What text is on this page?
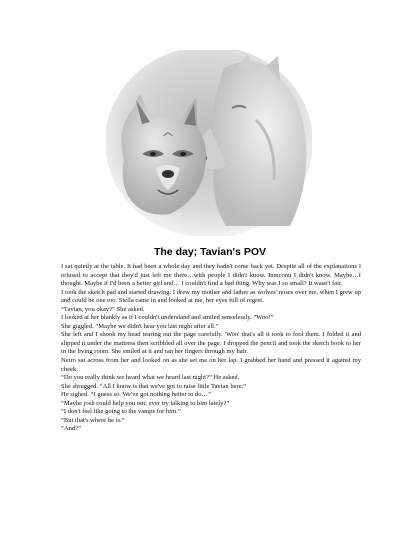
The day; Tavian's POV

I sat quietly at the table. It had been a whole day and they hadn't come back yet. Despite all of the explanations I refused to accept that they'd just left me there…with people I didn't know. Inmconu I didn't know. Maybe…I thought. Maybe if I'd been a better girl and… I couldn't find a bad thing. Why was I so small? It wasn't fair.

I took the sketch pad and started drawing. I drew my mother and father as wolves' noses over me, when I grew up and could be one too. Stella came in and looked at me, her eyes full of regret.

“Tavian, you okay?” She asked.

I looked at her blankly as if I couldn't understand and smiled senselessly. “Woo!”

She giggled. “Maybe we didn't hear you last night after all.”

She left and I shook my head tearing out the page carefully. 'Woo' that's all it took to fool them. I folded it and slipped it under the mattress then scribbled all over the page. I dropped the pencil and took the sketch book to her in the living room. She smiled at it and ran her fingers through my hair.

Neiro sat across from her and looked on as she set me on her lap. I grabbed her hand and pressed it against my cheek.

“Do you really think we heard what we heard last night?” He asked.

She shrugged. “All I know is that we've got to raise little Tavian here.”

He sighed. “I guess so. We've got nothing better to do…”

“Maybe josh could help you out; ever try talking to him lately?”

“I don't feel like going to the vamps for him.”

“But that's where he is.”

“And?”
